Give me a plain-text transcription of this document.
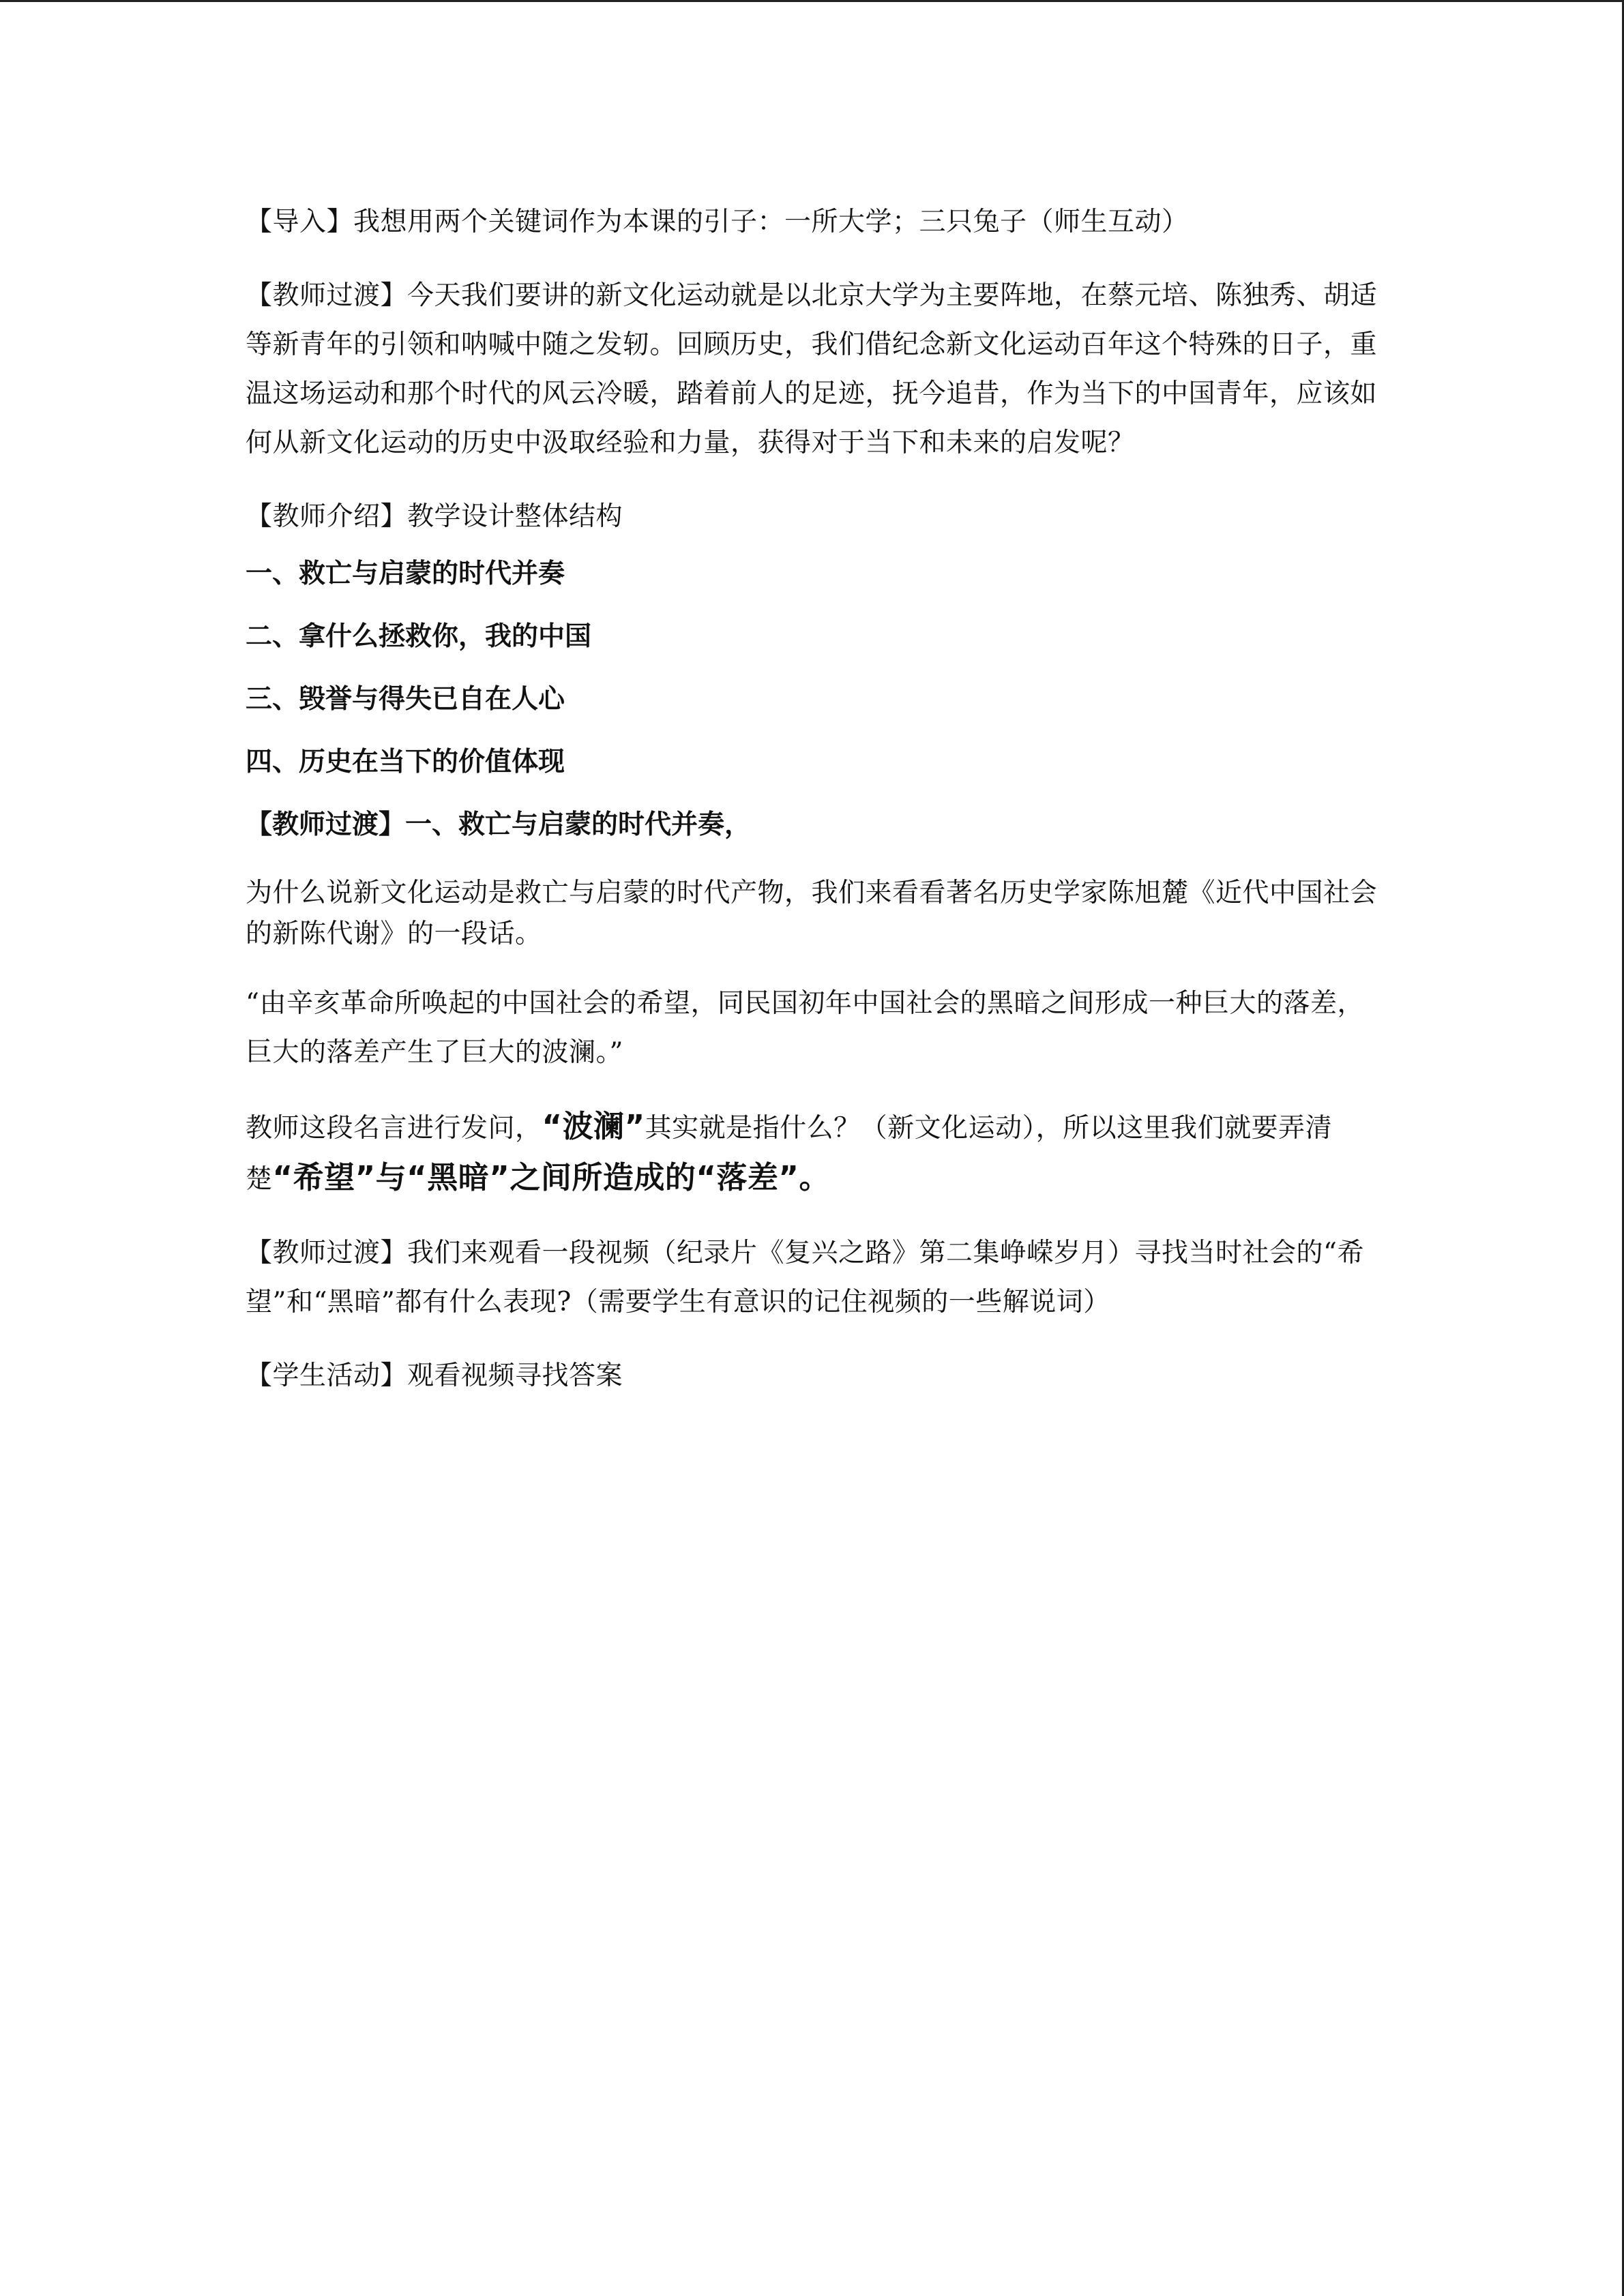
【导入】我想用两个关键词作为本课的引子：一所大学；三只兔子（师生互动）

【教师过渡】今天我们要讲的新文化运动就是以北京大学为主要阵地，在蔡元培、陈独秀、胡适等新青年的引领和呐喊中随之发轫。回顾历史，我们借纪念新文化运动百年这个特殊的日子，重温这场运动和那个时代的风云冷暖，踏着前人的足迹，抚今追昔，作为当下的中国青年，应该如何从新文化运动的历史中汲取经验和力量，获得对于当下和未来的启发呢？

【教师介绍】教学设计整体结构

一、救亡与启蒙的时代并奏

二、拿什么拯救你，我的中国

三、毁誉与得失已自在人心

四、历史在当下的价值体现

【教师过渡】一、救亡与启蒙的时代并奏，

为什么说新文化运动是救亡与启蒙的时代产物，我们来看看著名历史学家陈旭麓《近代中国社会的新陈代谢》的一段话。

“由辛亥革命所唤起的中国社会的希望，同民国初年中国社会的黑暗之间形成一种巨大的落差，巨大的落差产生了巨大的波澜。”

教师这段名言进行发问，“波澜”其实就是指什么？（新文化运动），所以这里我们就要弄清楚“希望”与“黑暗”之间所造成的“落差”。

【教师过渡】我们来观看一段视频（纪录片《复兴之路》第二集峥嵘岁月）寻找当时社会的“希望”和“黑暗”都有什么表现?（需要学生有意识的记住视频的一些解说词）

【学生活动】观看视频寻找答案
